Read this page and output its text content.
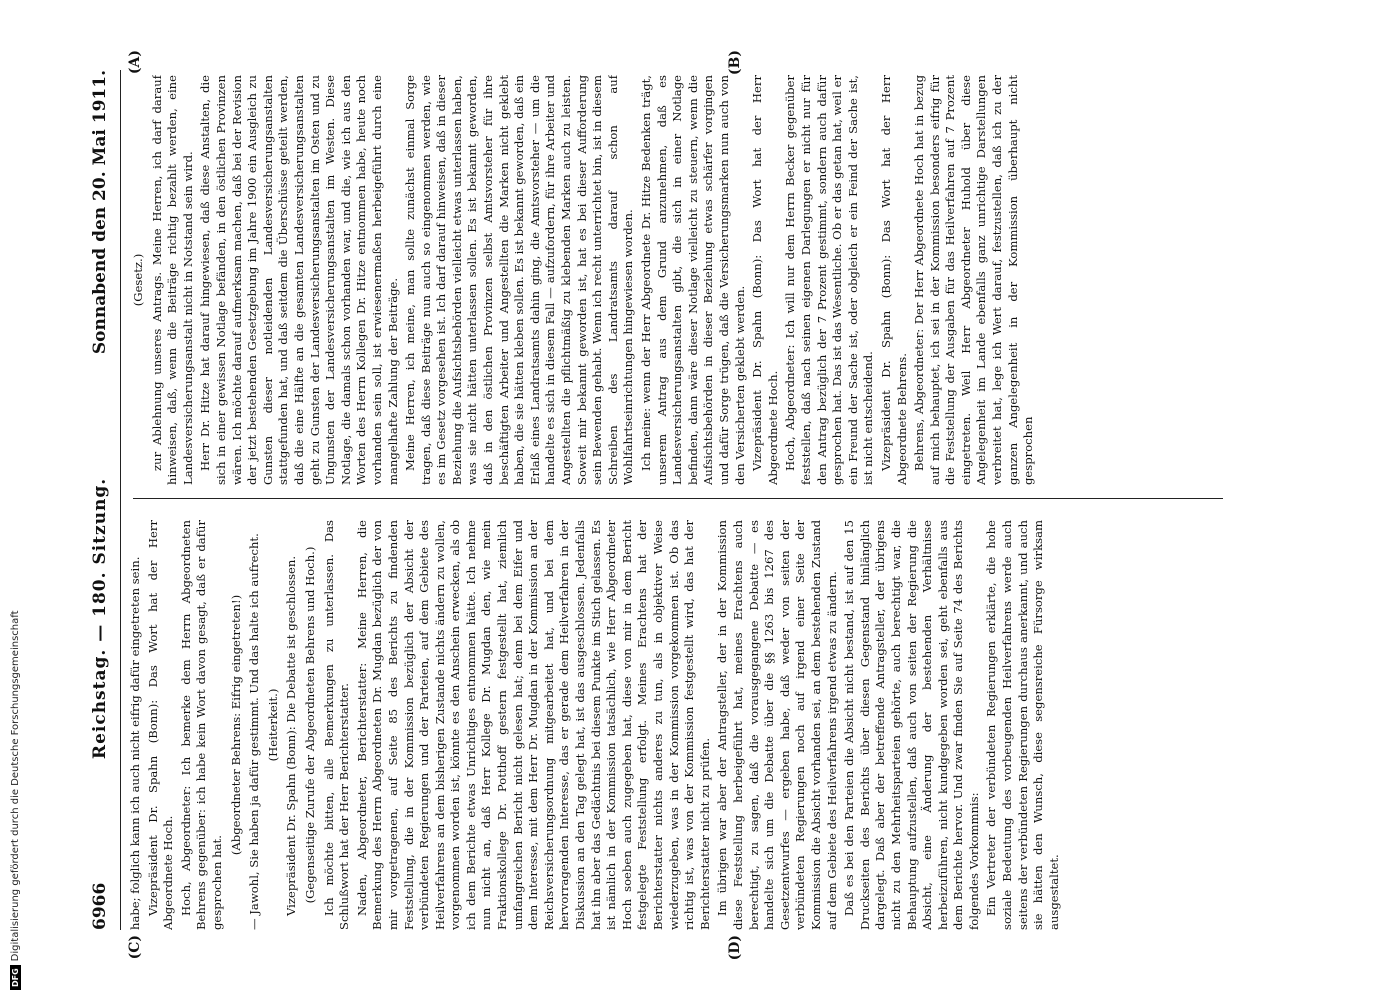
6966
Reichstag. — 180. Sitzung.
Sonnabend den 20. Mai 1911. (Gesetz.) zur Ablehnung unseres Antrags. Meine Herren, ich darf darauf hinweisen, daß, wenn die Beiträge richtig bezahlt werden, eine Landesversicherungsanstalt nicht in Notstand sein wird. Herr Dr. Hitze hat darauf hingewiesen, daß diese Anstalten, die sich in einer gewissen Notlage befänden, in den östlichen Provinzen wären. Ich möchte darauf aufmerksam machen, daß bei der Revision der jetzt bestehenden Gesetzgebung im Jahre 1900 ein Ausgleich zu Gunsten dieser notleidenden Landesversicherungsanstalten stattgefunden hat, und daß seitdem die Überschüsse geteilt werden, daß die eine Hälfte an die gesamten Landesversicherungsanstalten geht zu Gunsten der Landesversicherungsanstalten im Osten und zu Ungunsten der Landesversicherungsanstalten im Westen. Diese Notlage, die damals schon vorhanden war, und die, wie ich aus den Worten des Herrn Kollegen Dr. Hitze entnommen habe, heute noch vorhanden sein soll, ist erwiesenermaßen herbeigeführt durch eine mangelhafte Zahlung der Beiträge. Meine Herren, ich meine, man sollte zunächst einmal Sorge tragen, daß diese Beiträge nun auch so eingenommen werden, wie es im Gesetz vorgesehen ist. Ich darf darauf hinweisen, daß in dieser Beziehung die Aufsichtsbehörden vielleicht etwas unterlassen haben, was sie nicht hätten unterlassen sollen. Es ist bekannt geworden, daß in den östlichen Provinzen selbst Amtsvorsteher für ihre beschäftigten Arbeiter und Angestellten die Marken nicht geklebt haben, die sie hätten kleben sollen. Es ist bekannt geworden, daß ein Erlaß eines Landratsamts dahin ging, die Amtsvorsteher — um die handelte es sich in diesem Fall — aufzufordern, für ihre Arbeiter und Angestellten die pflichtmäßig zu klebenden Marken auch zu leisten. Soweit mir bekannt geworden ist, hat es bei dieser Aufforderung sein Bewenden gehabt. Wenn ich recht unterrichtet bin, ist in diesem Schreiben des Landratsamts darauf schon auf Wohlfahrtseinrichtungen hingewiesen worden. Ich meine: wenn der Herr Abgeordnete Dr. Hitze Bedenken trägt, unserem Antrag aus dem Grund anzunehmen, daß es Landesversicherungsanstalten gibt, die sich in einer Notlage befinden, dann wäre dieser Notlage vielleicht zu steuern, wenn die Aufsichtsbehörden in dieser Beziehung etwas schärfer vorgingen und dafür Sorge trügen, daß die Versicherungsmarken nun auch von den Versicherten geklebt werden. Vizepräsident Dr. Spahn (Bonn): Das Wort hat der Herr Abgeordnete Hoch. Hoch, Abgeordneter: Ich will nur dem Herrn Becker gegenüber feststellen, daß nach seinen eigenen Darlegungen er nicht nur für den Antrag bezüglich der 7 Prozent gestimmt, sondern auch dafür gesprochen hat. Das ist das Wesentliche. Ob er das getan hat, weil er ein Freund der Sache ist, oder obgleich er ein Feind der Sache ist, ist nicht entscheidend. Vizepräsident Dr. Spahn (Bonn): Das Wort hat der Herr Abgeordnete Behrens. Behrens, Abgeordneter: Der Herr Abgeordnete Hoch hat in bezug auf mich behauptet, ich sei in der Kommission besonders eifrig für die Feststellung der Ausgaben für das Heilverfahren auf 7 Prozent eingetreten. Weil Herr Abgeordneter Huhold über diese Angelegenheit im Lande ebenfalls ganz unrichtige Darstellungen verbreitet hat, lege ich Wert darauf, festzustellen, daß ich zu der ganzen Angelegenheit in der Kommission überhaupt nicht gesprochen

habe; folglich kann ich auch nicht eifrig dafür eingetreten sein. Vizepräsident Dr. Spahn (Bonn): Das Wort hat der Herr Abgeordnete Hoch. Hoch, Abgeordneter: Ich bemerke dem Herrn Abgeordneten Behrens gegenüber: ich habe kein Wort davon gesagt, daß er dafür gesprochen hat.

(Abgeordneter Behrens: Eifrig eingetreten!) — Jawohl, Sie haben ja dafür gestimmt. Und das halte ich aufrecht. (Heiterkeit.) Vizepräsident Dr. Spahn (Bonn): Die Debatte ist geschlossen. (Gegenseitige Zurufe der Abgeordneten Behrens und Hoch.) Ich möchte bitten, alle Bemerkungen zu unterlassen. Das Schlußwort hat der Herr Berichterstatter. Naden, Abgeordneter, Berichterstatter: Meine Herren, die Bemerkung des Herrn Abgeordneten Dr. Mugdan bezüglich der von mir vorgetragenen, auf Seite 85 des Berichts zu findenden Feststellung, die in der Kommission bezüglich der Absicht der verbündeten Regierungen und der Parteien, auf dem Gebiete des Heilverfahrens an dem bisherigen Zustande nichts ändern zu wollen, vorgenommen worden ist, könnte es den Anschein erwecken, als ob ich dem Berichte etwas Unrichtiges entnommen hätte. Ich nehme nun nicht an, daß Herr Kollege Dr. Mugdan den, wie mein Fraktionskollege Dr. Potthoff gestern festgestellt hat, ziemlich umfangreichen Bericht nicht gelesen hat; denn bei dem Eifer und dem Interesse, mit dem Herr Dr. Mugdan in der Kommission an der Reichsversicherungsordnung mitgearbeitet hat, und bei dem hervorragenden Interesse, das er gerade dem Heilverfahren in der Diskussion an den Tag gelegt hat, ist das ausgeschlossen. Jedenfalls hat ihn aber das Gedächtnis bei diesem Punkte im Stich gelassen. Es ist nämlich in der Kommission tatsächlich, wie Herr Abgeordneter Hoch soeben auch zugegeben hat, diese von mir in dem Bericht festgelegte Feststellung erfolgt. Meines Erachtens hat der Berichterstatter nichts anderes zu tun, als in objektiver Weise wiederzugeben, was in der Kommission vorgekommen ist. Ob das richtig ist, was von der Kommission festgestellt wird, das hat der Berichterstatter nicht zu prüfen. Im übrigen war aber der Antragsteller, der in der Kommission diese Feststellung herbeigeführt hat, meines Erachtens auch berechtigt, zu sagen, daß die vorausgegangene Debatte — es handelte sich um die Debatte über die §§ 1263 bis 1267 des Gesetzentwurfes — ergeben habe, daß weder von seiten der verbündeten Regierungen noch auf irgend einer Seite der Kommission die Absicht vorhanden sei, an dem bestehenden Zustand auf dem Gebiete des Heilverfahrens irgend etwas zu ändern. Daß es bei den Parteien die Absicht nicht bestand, ist auf den 15 Druckseiten des Berichts über diesen Gegenstand hinlänglich dargelegt. Daß aber der betreffende Antragsteller, der übrigens nicht zu den Mehrheitsparteien gehörte, auch berechtigt war, die Behauptung aufzustellen, daß auch von seiten der Regierung die Absicht, eine Änderung der bestehenden Verhältnisse herbeizuführen, nicht kundgegeben worden sei, geht ebenfalls aus dem Berichte hervor. Und zwar finden Sie auf Seite 74 des Berichts folgendes Vorkommnis: Ein Vertreter der verbündeten Regierungen erklärte, die hohe soziale Bedeutung des vorbeugenden Heilverfahrens werde auch seitens der verbündeten Regierungen durchaus anerkannt, und auch sie hätten den Wunsch, diese segensreiche Fürsorge wirksam ausgestaltet.

(A)	(B)
(C)	(D)
DFGDigitalisierung gefördert durch die Deutsche Forschungsgemeinschaft
